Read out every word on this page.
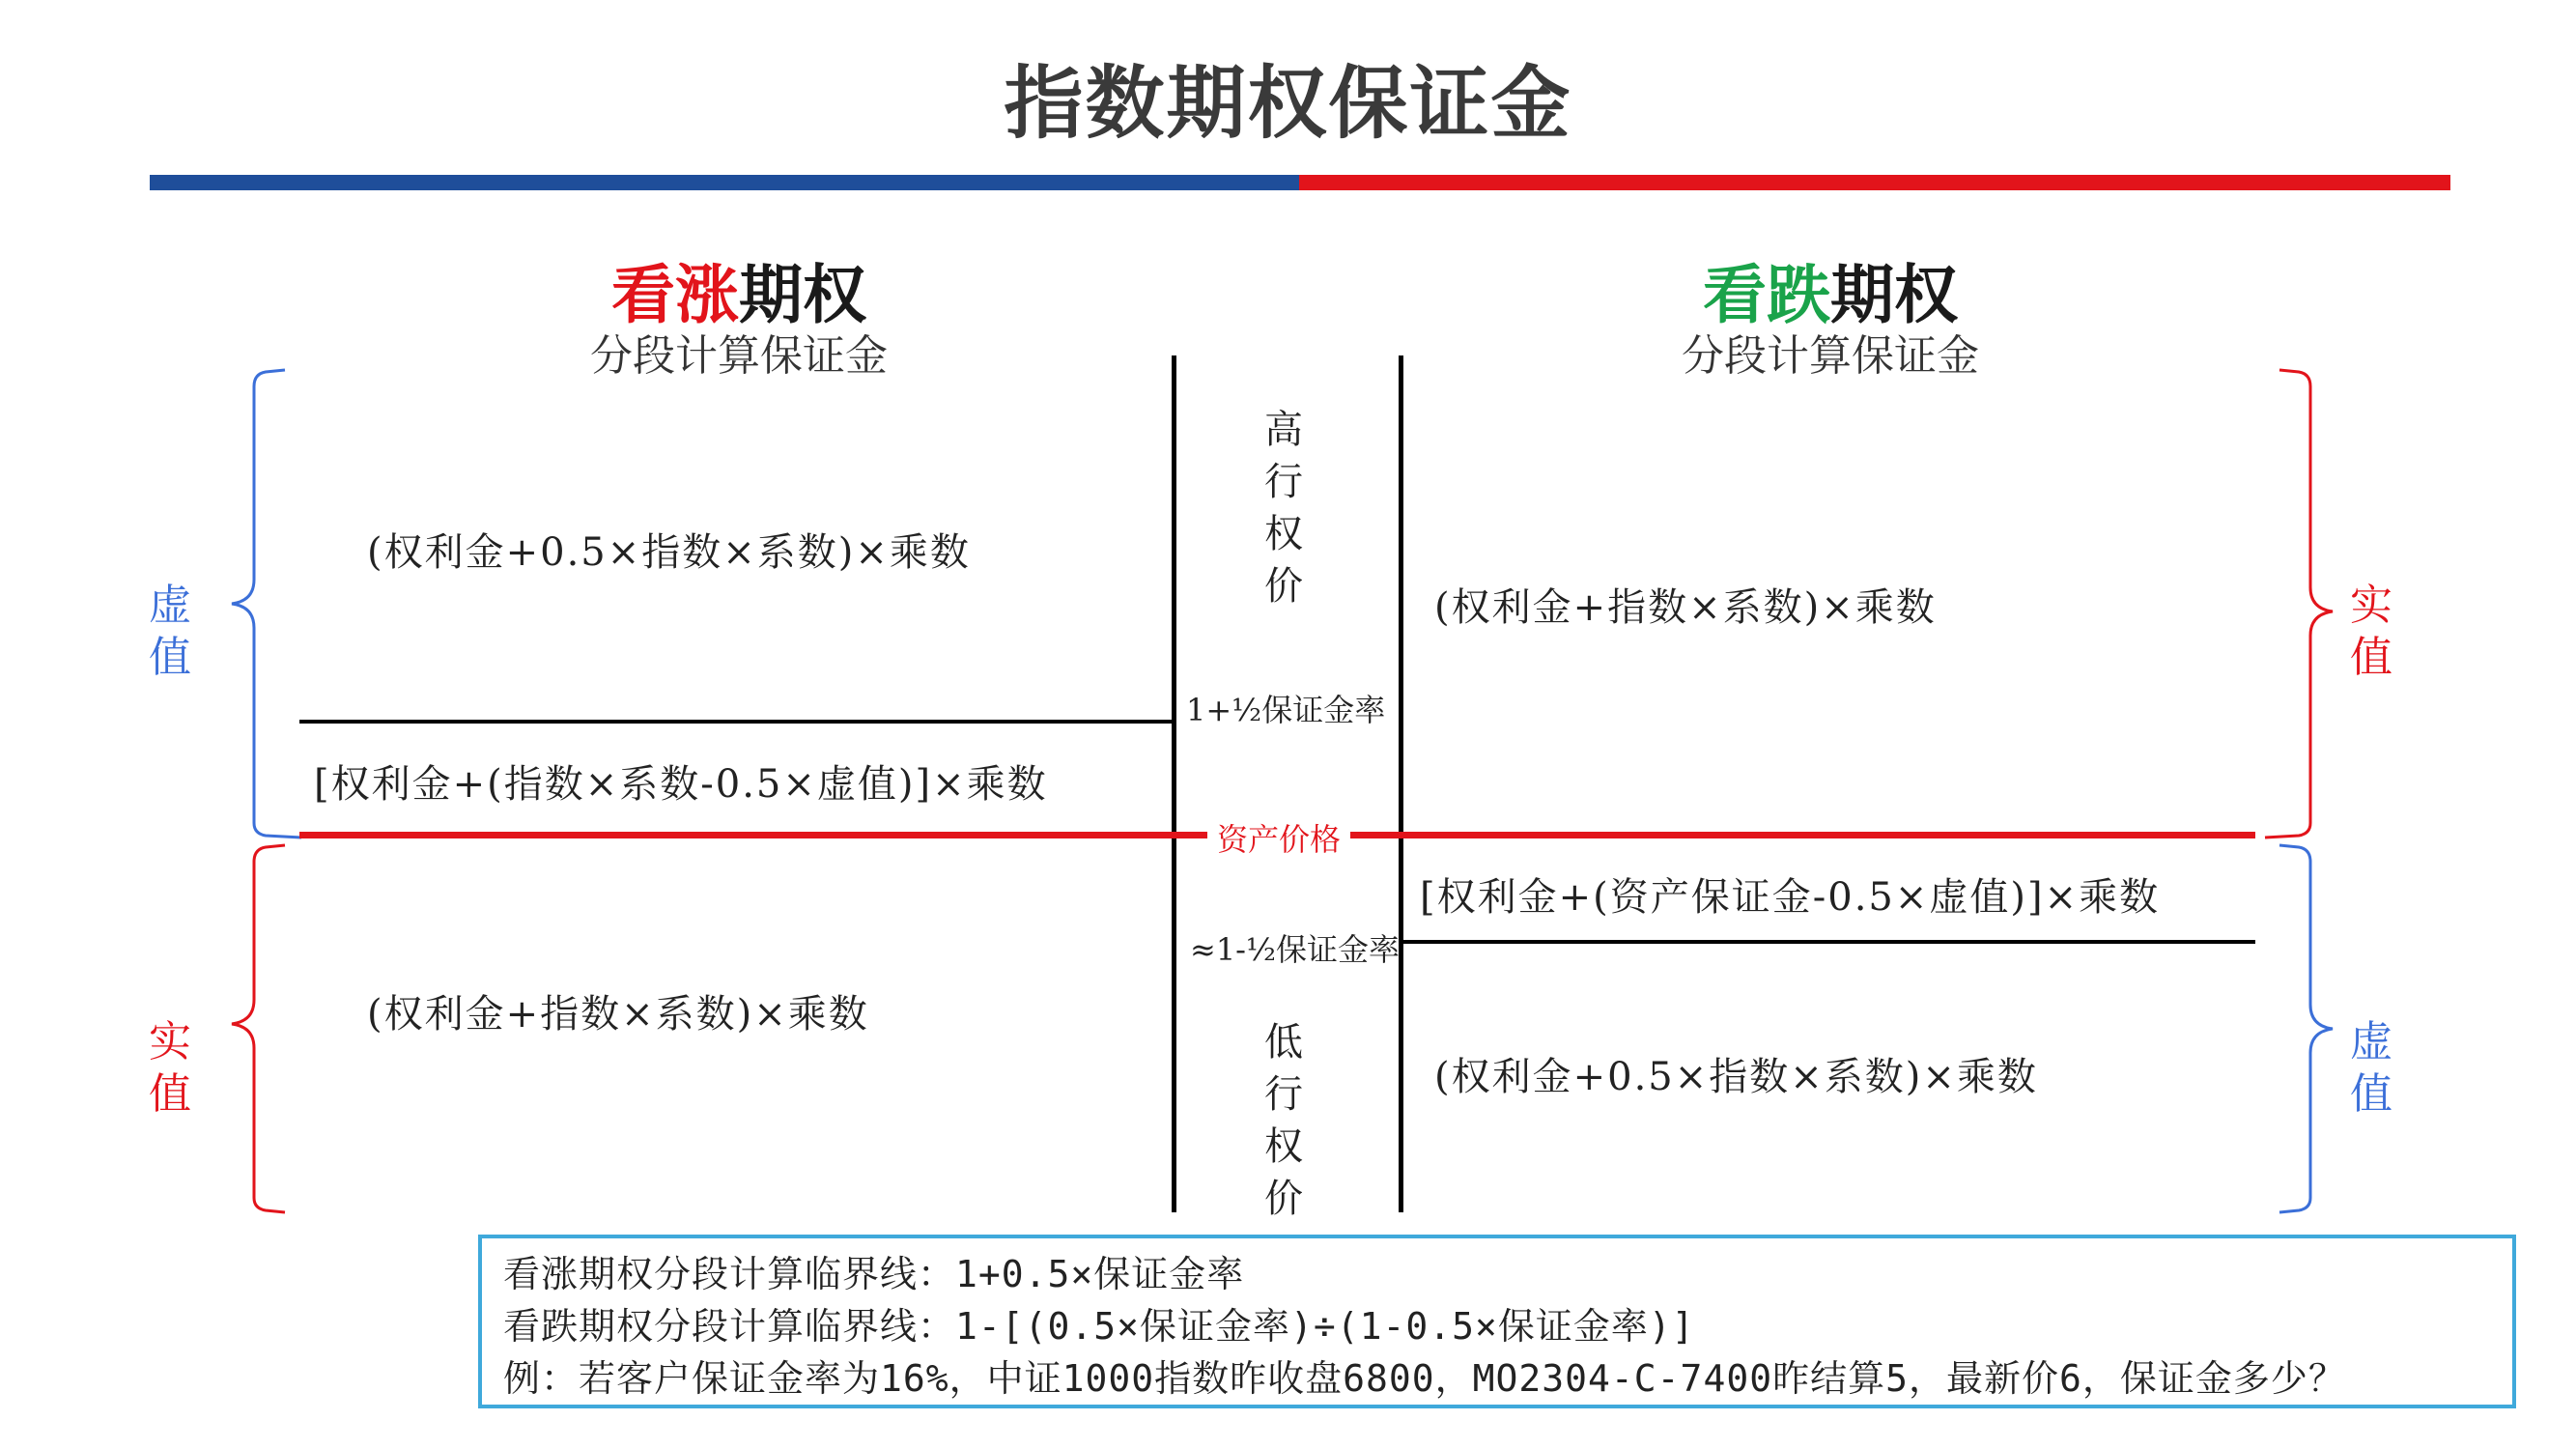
指数期权保证金
看涨期权
分段计算保证金
看跌期权
分段计算保证金
虚
值
实
值
实
值
虚
值
(权利金+0.5×指数×系数)×乘数
[权利金+(指数×系数-0.5×虚值)]×乘数
(权利金+指数×系数)×乘数
(权利金+指数×系数)×乘数
[权利金+(资产保证金-0.5×虚值)]×乘数
(权利金+0.5×指数×系数)×乘数
高
行
权
价
1+½保证金率
资产价格
≈1-½保证金率
低
行
权
价
看涨期权分段计算临界线：1+0.5×保证金率
看跌期权分段计算临界线：1-[(0.5×保证金率)÷(1-0.5×保证金率)]
例：若客户保证金率为16%，中证1000指数昨收盘6800，MO2304-C-7400昨结算5，最新价6，保证金多少？
